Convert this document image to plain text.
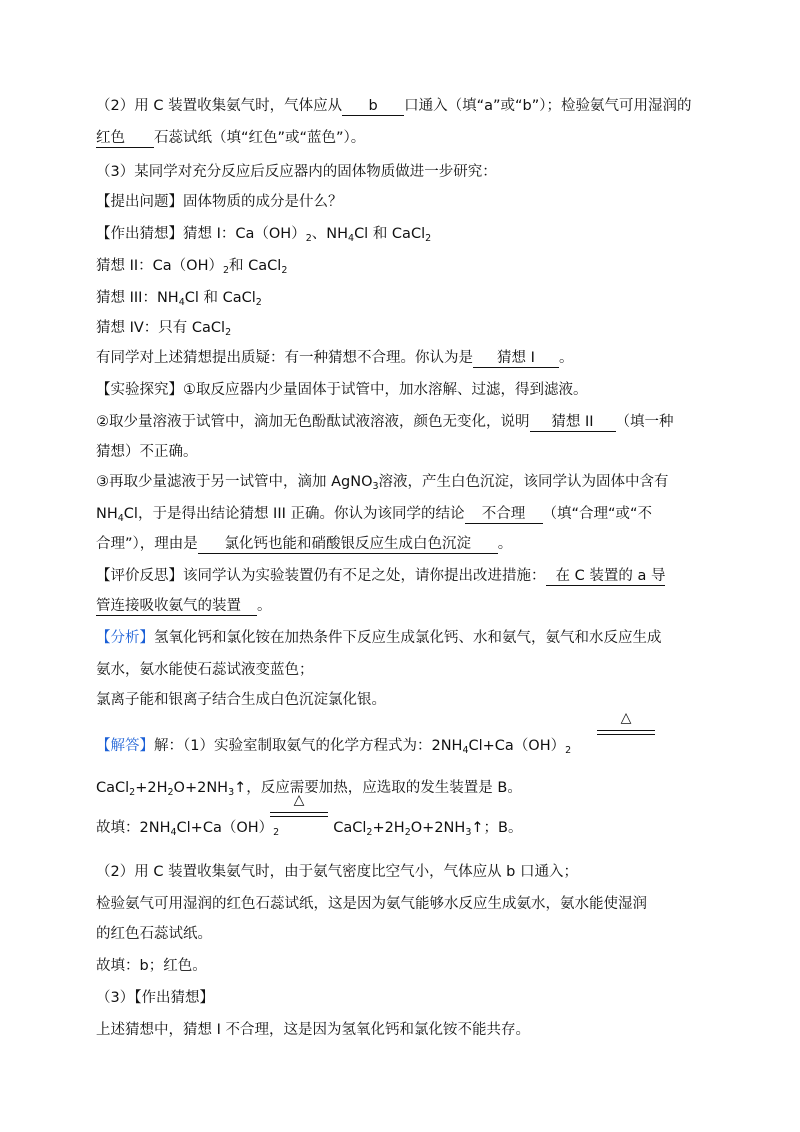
（2）用 C 装置收集氨气时，气体应从 b 口通入（填“a”或“b”）；检验氨气可用湿润的
红色 石蕊试纸（填“红色”或“蓝色”）。
（3）某同学对充分反应后反应器内的固体物质做进一步研究：
【提出问题】固体物质的成分是什么？
【作出猜想】猜想 I：$Ca(OH)_2$、$NH_4Cl$ 和 CaCl$_2$
猜想 II：$Ca(OH)_2$和 CaCl$_2$
猜想 III：$NH_4Cl$ 和 CaCl$_2$
猜想 IV：只有 CaCl$_2$
有同学对上述猜想提出质疑：有一种猜想不合理。你认为是 猜想 I 。
【实验探究】①取反应器内少量固体于试管中，加水溶解、过滤，得到滤液。
②取少量溶液于试管中，滴加无色酚酞试液溶液，颜色无变化，说明 猜想 II （填一种
猜想）不正确。
③再取少量滤液于另一试管中，滴加 AgNO$_3$溶液，产生白色沉淀，该同学认为固体中含有
$NH_4Cl$，于是得出结论猜想 III 正确。你认为该同学的结论 不合理 （填“合理“或“不
合理”），理由是 氯化钙也能和硝酸银反应生成白色沉淀 。
【评价反思】该同学认为实验装置仍有不足之处，请你提出改进措施： 在 C 装置的 a 导
管连接吸收氨气的装置 。
【分析】氢氧化钙和氯化铵在加热条件下反应生成氯化钙、水和氨气，氨气和水反应生成
氨水，氨水能使石蕊试液变蓝色；
氯离子能和银离子结合生成白色沉淀氯化银。
【解答】解：（1）实验室制取氨气的化学方程式为：$2NH_4Cl+Ca(OH)_2$
△
$CaCl_2+2H_2O+2NH_3↑$，反应需要加热，应选取的发生装置是 B。
故填：$2NH_4Cl+Ca(OH)_2$	$CaCl_2+2H_2O+2NH_3↑$；B。
△
（2）用 C 装置收集氨气时，由于氨气密度比空气小，气体应从 b 口通入；
检验氨气可用湿润的红色石蕊试纸，这是因为氨气能够水反应生成氨水，氨水能使湿润
的红色石蕊试纸。
故填：b；红色。
（3）【作出猜想】
上述猜想中，猜想 I 不合理，这是因为氢氧化钙和氯化铵不能共存。
